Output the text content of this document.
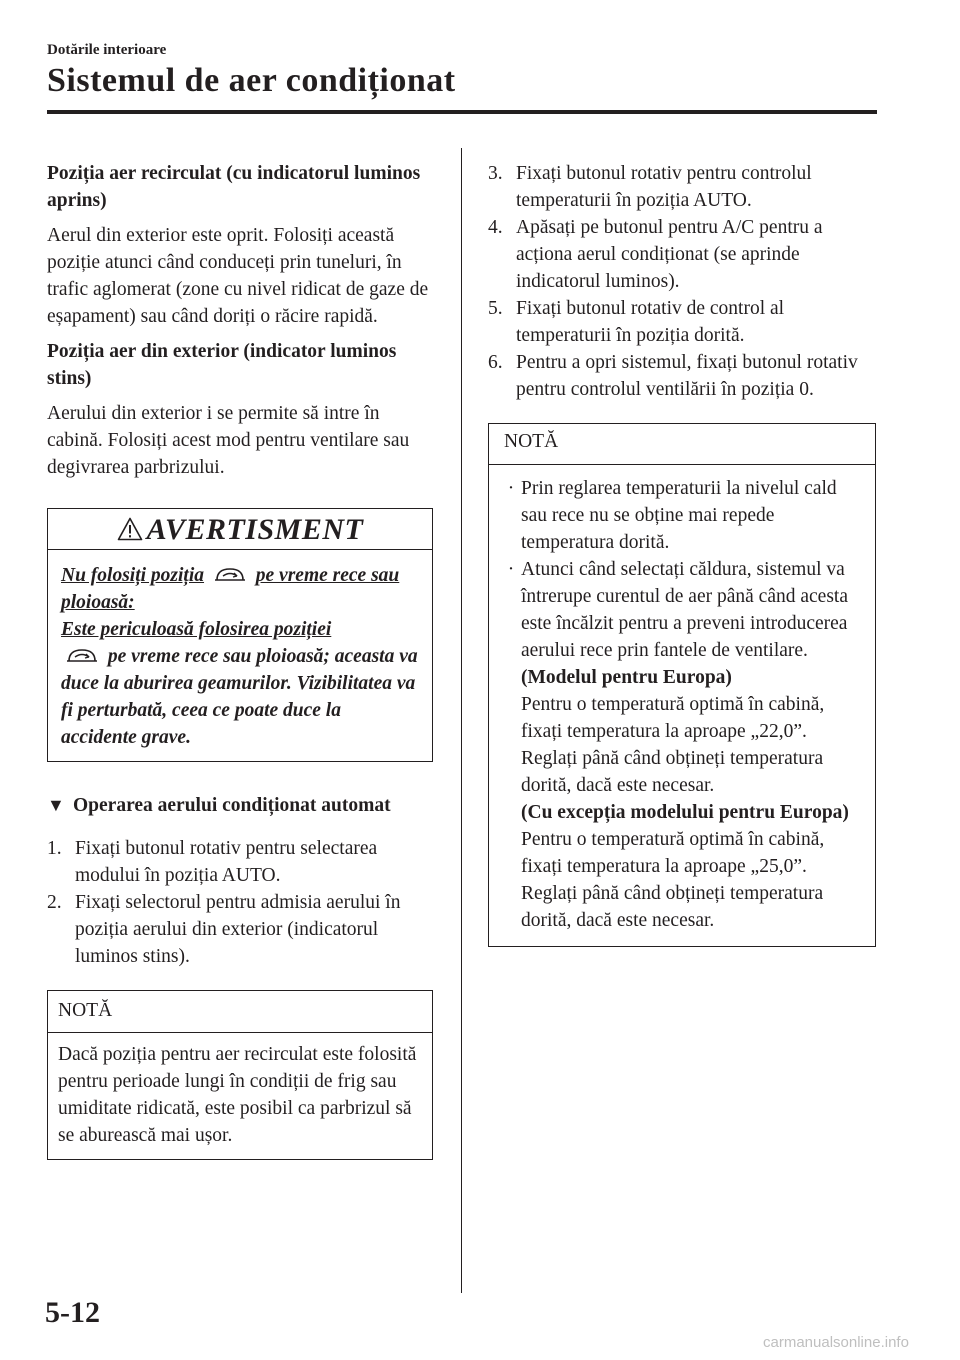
Dotările interioare
Sistemul de aer condiționat

Poziția aer recirculat (cu indicatorul luminos aprins)

Aerul din exterior este oprit. Folosiți această poziție atunci când conduceți prin tuneluri, în trafic aglomerat (zone cu nivel ridicat de gaze de eșapament) sau când doriți o răcire rapidă.

Poziția aer din exterior (indicator luminos stins)

Aerului din exterior i se permite să intre în cabină. Folosiți acest mod pentru ventilare sau degivrarea parbrizului.

AVERTISMENT
Nu folosiți poziția	pe vreme rece sau ploioasă:
Este periculoasă folosirea poziției
pe vreme rece sau ploioasă; aceasta va duce la aburirea geamurilor. Vizibilitatea va fi perturbată, ceea ce poate duce la accidente grave.
▼ Operarea aerului condiționat automat
1. Fixați butonul rotativ pentru selectarea modului în poziția AUTO.
2. Fixați selectorul pentru admisia aerului în poziția aerului din exterior (indicatorul luminos stins).
NOTĂ
Dacă poziția pentru aer recirculat este folosită pentru perioade lungi în condiții de frig sau umiditate ridicată, este posibil ca parbrizul să se aburească mai ușor.
3. Fixați butonul rotativ pentru controlul temperaturii în poziția AUTO.
4. Apăsați pe butonul pentru A/C pentru a acționa aerul condiționat (se aprinde indicatorul luminos).
5. Fixați butonul rotativ de control al temperaturii în poziția dorită.
6. Pentru a opri sistemul, fixați butonul rotativ pentru controlul ventilării în poziția 0.
NOTĂ
· Prin reglarea temperaturii la nivelul cald sau rece nu se obține mai repede temperatura dorită.
· Atunci când selectați căldura, sistemul va întrerupe curentul de aer până când acesta este încălzit pentru a preveni introducerea aerului rece prin fantele de ventilare.
(Modelul pentru Europa)
Pentru o temperatură optimă în cabină, fixați temperatura la aproape „22,0”. Reglați până când obțineți temperatura dorită, dacă este necesar.
(Cu excepția modelului pentru Europa)
Pentru o temperatură optimă în cabină, fixați temperatura la aproape „25,0”. Reglați până când obțineți temperatura dorită, dacă este necesar.
5-12
carmanualsonline.info
